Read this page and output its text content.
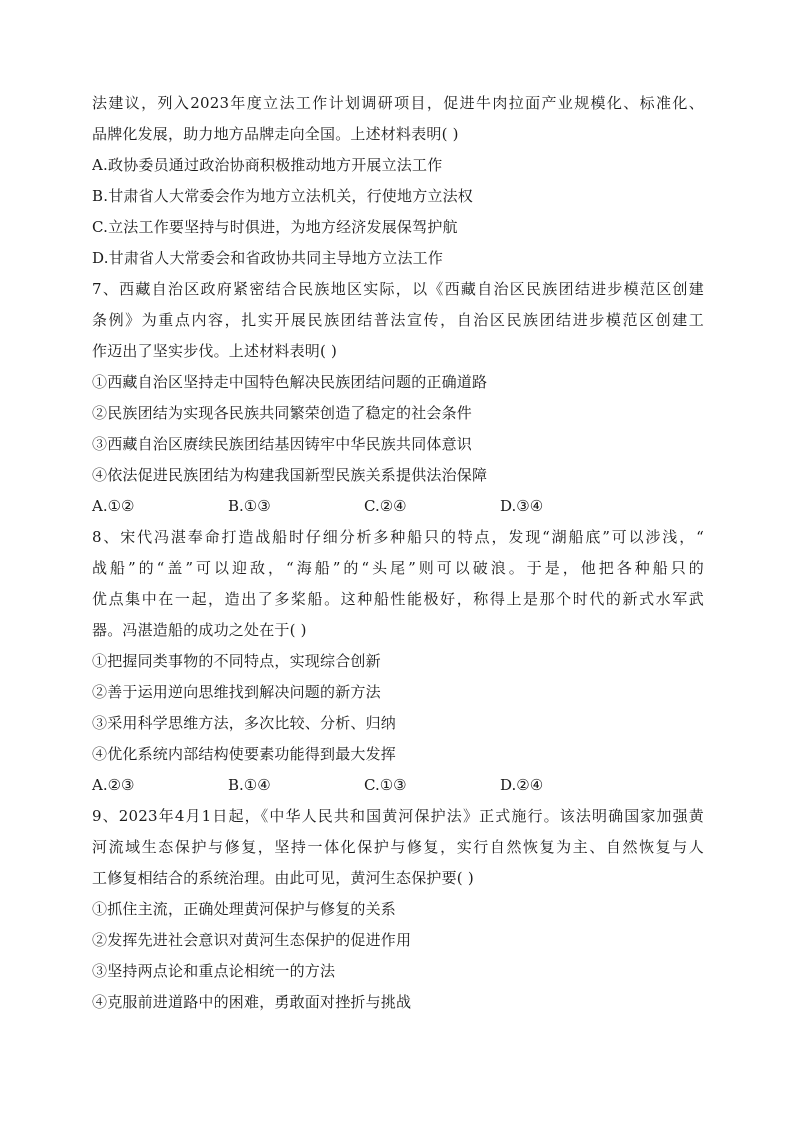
法建议，列入2023年度立法工作计划调研项目，促进牛肉拉面产业规模化、标准化、
品牌化发展，助力地方品牌走向全国。上述材料表明( )
A.政协委员通过政治协商积极推动地方开展立法工作
B.甘肃省人大常委会作为地方立法机关，行使地方立法权
C.立法工作要坚持与时俱进，为地方经济发展保驾护航
D.甘肃省人大常委会和省政协共同主导地方立法工作
7、西藏自治区政府紧密结合民族地区实际，以《西藏自治区民族团结进步模范区创建
条例》为重点内容，扎实开展民族团结普法宣传，自治区民族团结进步模范区创建工
作迈出了坚实步伐。上述材料表明( )
①西藏自治区坚持走中国特色解决民族团结问题的正确道路
②民族团结为实现各民族共同繁荣创造了稳定的社会条件
③西藏自治区赓续民族团结基因铸牢中华民族共同体意识
④依法促进民族团结为构建我国新型民族关系提供法治保障
A.①②	B.①③	C.②④	D.③④
8、宋代冯湛奉命打造战船时仔细分析多种船只的特点，发现“湖船底”可以涉浅，“
战船”的“盖”可以迎敌，“海船”的“头尾”则可以破浪。于是，他把各种船只的
优点集中在一起，造出了多桨船。这种船性能极好，称得上是那个时代的新式水军武
器。冯湛造船的成功之处在于( )
①把握同类事物的不同特点，实现综合创新
②善于运用逆向思维找到解决问题的新方法
③采用科学思维方法，多次比较、分析、归纳
④优化系统内部结构使要素功能得到最大发挥
A.②③	B.①④	C.①③	D.②④
9、2023年4月1日起，《中华人民共和国黄河保护法》正式施行。该法明确国家加强黄
河流域生态保护与修复，坚持一体化保护与修复，实行自然恢复为主、自然恢复与人
工修复相结合的系统治理。由此可见，黄河生态保护要( )
①抓住主流，正确处理黄河保护与修复的关系
②发挥先进社会意识对黄河生态保护的促进作用
③坚持两点论和重点论相统一的方法
④克服前进道路中的困难，勇敢面对挫折与挑战
